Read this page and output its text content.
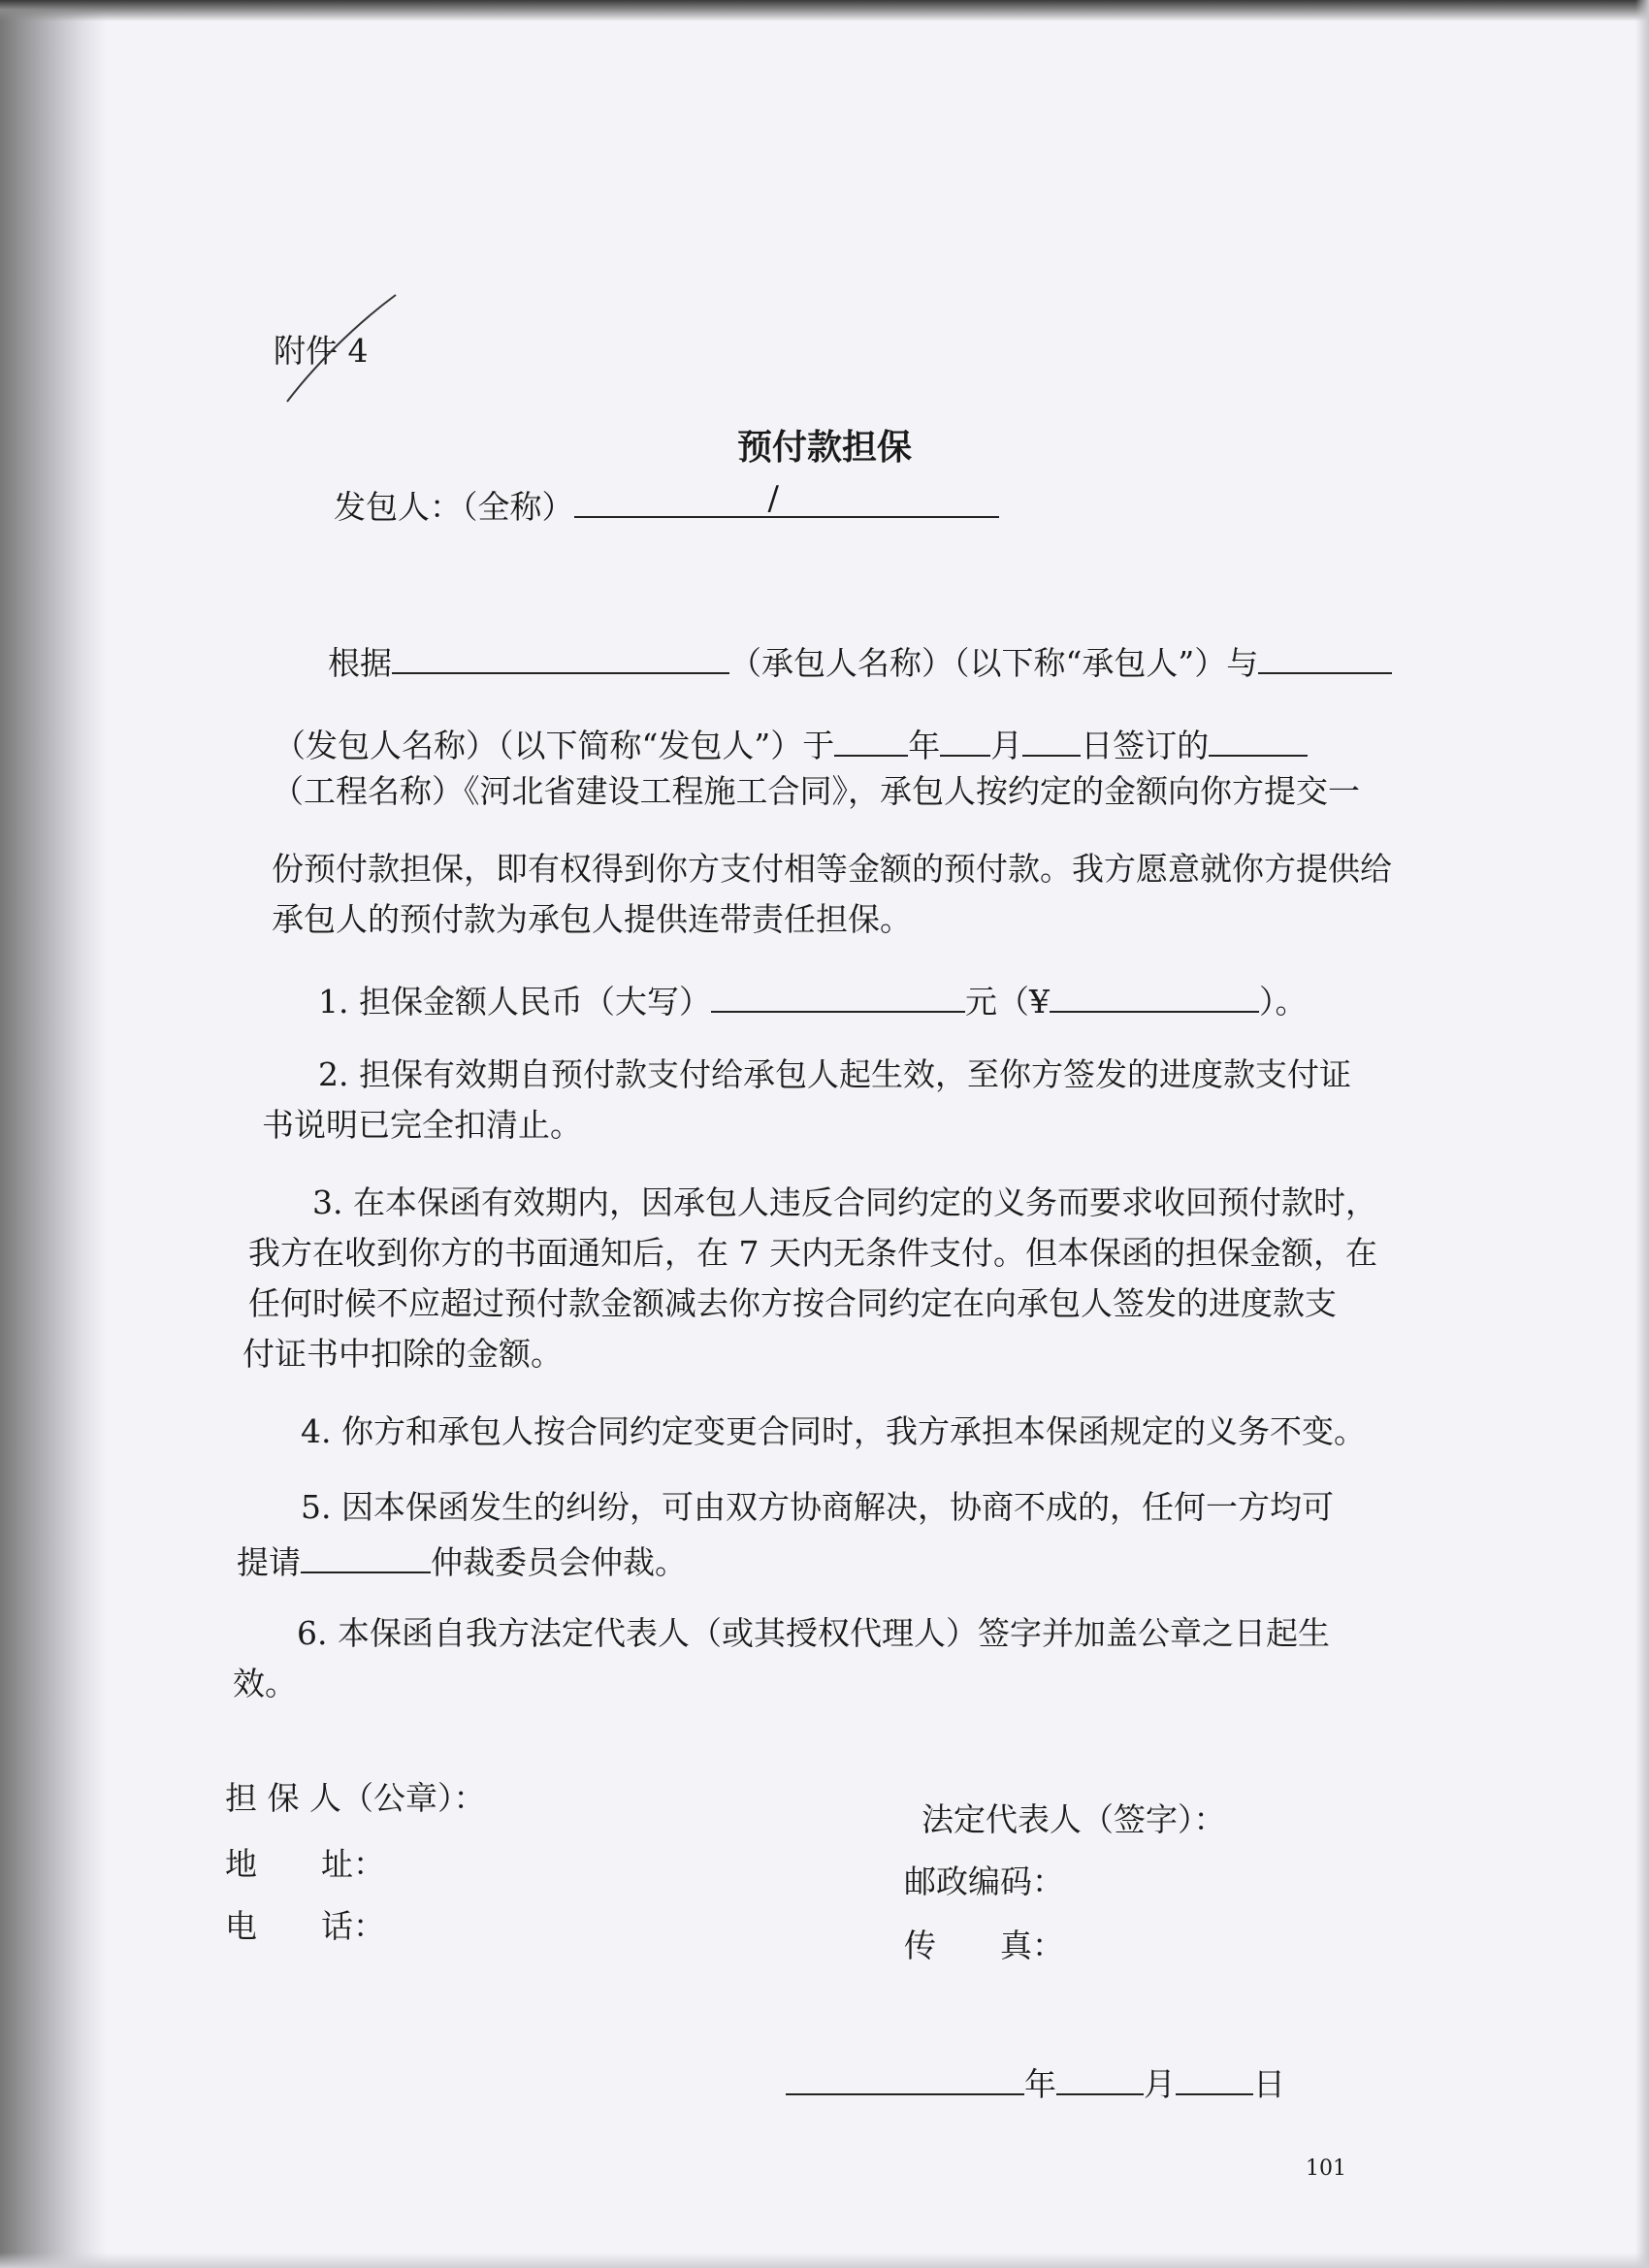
附件 4
预付款担保
发包人：（全称）	/
根据	（承包人名称）（以下称“承包人”）与
（发包人名称）（以下简称“发包人”）于 年 月 日签订的
（工程名称）《河北省建设工程施工合同》，承包人按约定的金额向你方提交一
份预付款担保，即有权得到你方支付相等金额的预付款。我方愿意就你方提供给
承包人的预付款为承包人提供连带责任担保。
1. 担保金额人民币（大写）	元（¥	）。
2. 担保有效期自预付款支付给承包人起生效，至你方签发的进度款支付证
书说明已完全扣清止。
3. 在本保函有效期内，因承包人违反合同约定的义务而要求收回预付款时，
我方在收到你方的书面通知后，在 7 天内无条件支付。但本保函的担保金额，在
任何时候不应超过预付款金额减去你方按合同约定在向承包人签发的进度款支
付证书中扣除的金额。
4. 你方和承包人按合同约定变更合同时，我方承担本保函规定的义务不变。
5. 因本保函发生的纠纷，可由双方协商解决，协商不成的，任何一方均可
提请	仲裁委员会仲裁。
6. 本保函自我方法定代表人（或其授权代理人）签字并加盖公章之日起生
效。
担 保 人（公章）：
地　　址：
电　　话：
法定代表人（签字）：
邮政编码：
传　　真：
年	月 日
101
